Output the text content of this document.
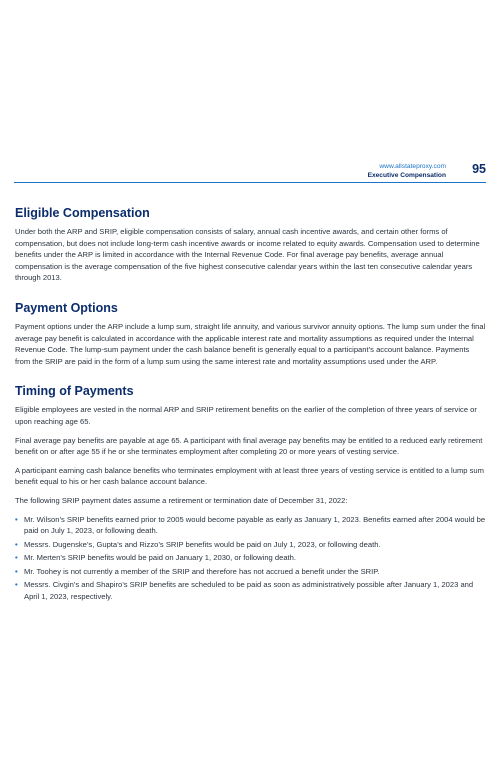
www.allstateproxy.com
Executive Compensation 95
Eligible Compensation

Under both the ARP and SRIP, eligible compensation consists of salary, annual cash incentive awards, and certain other forms of compensation, but does not include long-term cash incentive awards or income related to equity awards. Compensation used to determine benefits under the ARP is limited in accordance with the Internal Revenue Code. For final average pay benefits, average annual compensation is the average compensation of the five highest consecutive calendar years within the last ten consecutive calendar years through 2013.

Payment Options

Payment options under the ARP include a lump sum, straight life annuity, and various survivor annuity options. The lump sum under the final average pay benefit is calculated in accordance with the applicable interest rate and mortality assumptions as required under the Internal Revenue Code. The lump-sum payment under the cash balance benefit is generally equal to a participant’s account balance. Payments from the SRIP are paid in the form of a lump sum using the same interest rate and mortality assumptions used under the ARP.

Timing of Payments

Eligible employees are vested in the normal ARP and SRIP retirement benefits on the earlier of the completion of three years of service or upon reaching age 65.

Final average pay benefits are payable at age 65. A participant with final average pay benefits may be entitled to a reduced early retirement benefit on or after age 55 if he or she terminates employment after completing 20 or more years of vesting service.

A participant earning cash balance benefits who terminates employment with at least three years of vesting service is entitled to a lump sum benefit equal to his or her cash balance account balance.

The following SRIP payment dates assume a retirement or termination date of December 31, 2022:

• Mr. Wilson’s SRIP benefits earned prior to 2005 would become payable as early as January 1, 2023. Benefits earned after 2004 would be paid on July 1, 2023, or following death.
• Messrs. Dugenske’s, Gupta’s and Rizzo’s SRIP benefits would be paid on July 1, 2023, or following death.
• Mr. Merten’s SRIP benefits would be paid on January 1, 2030, or following death.
• Mr. Toohey is not currently a member of the SRIP and therefore has not accrued a benefit under the SRIP.
• Messrs. Civgin’s and Shapiro’s SRIP benefits are scheduled to be paid as soon as administratively possible after January 1, 2023 and April 1, 2023, respectively.
